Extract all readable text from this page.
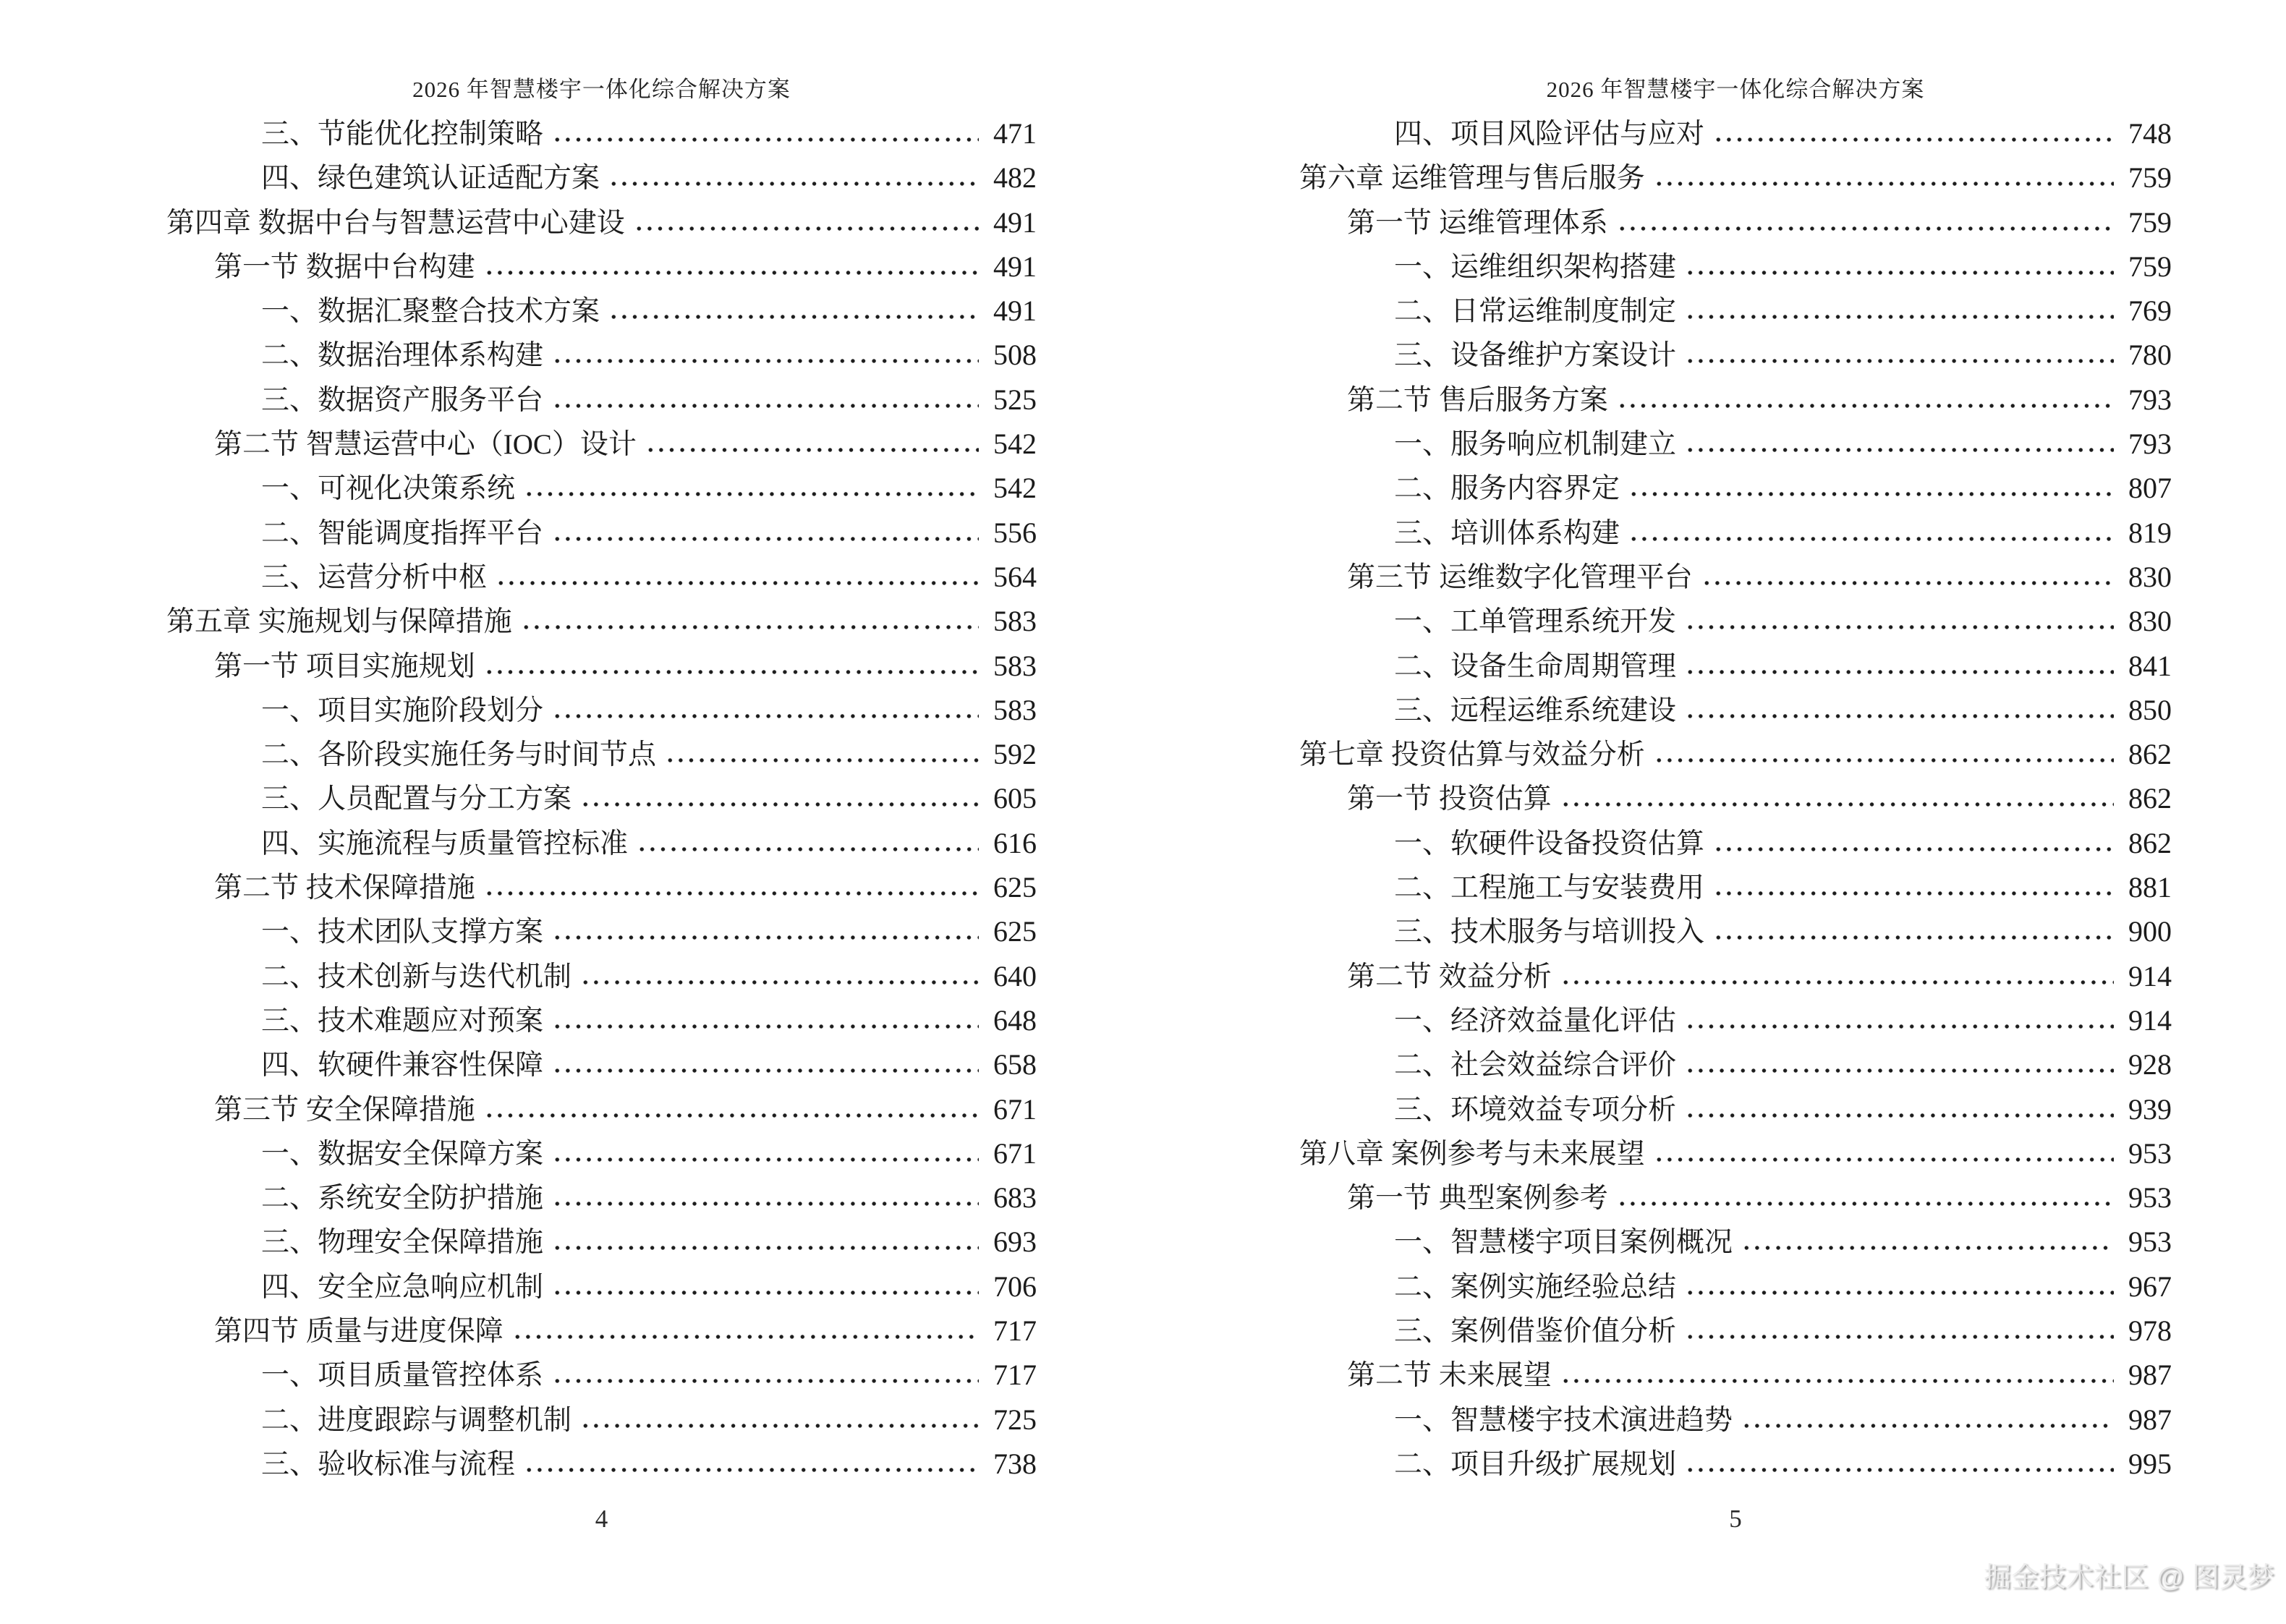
2026 年智慧楼宇一体化综合解决方案	2026 年智慧楼宇一体化综合解决方案
三、节能优化控制策略	471
四、绿色建筑认证适配方案	482
第四章 数据中台与智慧运营中心建设	491
第一节 数据中台构建	491
一、数据汇聚整合技术方案	491
二、数据治理体系构建	508
三、数据资产服务平台	525
第二节 智慧运营中心（IOC）设计	542
一、可视化决策系统	542
二、智能调度指挥平台	556
三、运营分析中枢	564
第五章 实施规划与保障措施	583
第一节 项目实施规划	583
一、项目实施阶段划分	583
二、各阶段实施任务与时间节点	592
三、人员配置与分工方案	605
四、实施流程与质量管控标准	616
第二节 技术保障措施	625
一、技术团队支撑方案	625
二、技术创新与迭代机制	640
三、技术难题应对预案	648
四、软硬件兼容性保障	658
第三节 安全保障措施	671
一、数据安全保障方案	671
二、系统安全防护措施	683
三、物理安全保障措施	693
四、安全应急响应机制	706
第四节 质量与进度保障	717
一、项目质量管控体系	717
二、进度跟踪与调整机制	725
三、验收标准与流程	738
四、项目风险评估与应对	748
第六章 运维管理与售后服务	759
第一节 运维管理体系	759
一、运维组织架构搭建	759
二、日常运维制度制定	769
三、设备维护方案设计	780
第二节 售后服务方案	793
一、服务响应机制建立	793
二、服务内容界定	807
三、培训体系构建	819
第三节 运维数字化管理平台	830
一、工单管理系统开发	830
二、设备生命周期管理	841
三、远程运维系统建设	850
第七章 投资估算与效益分析	862
第一节 投资估算	862
一、软硬件设备投资估算	862
二、工程施工与安装费用	881
三、技术服务与培训投入	900
第二节 效益分析	914
一、经济效益量化评估	914
二、社会效益综合评价	928
三、环境效益专项分析	939
第八章 案例参考与未来展望	953
第一节 典型案例参考	953
一、智慧楼宇项目案例概况	953
二、案例实施经验总结	967
三、案例借鉴价值分析	978
第二节 未来展望	987
一、智慧楼宇技术演进趋势	987
二、项目升级扩展规划	995
4	5
掘金技术社区 @ 图灵梦
